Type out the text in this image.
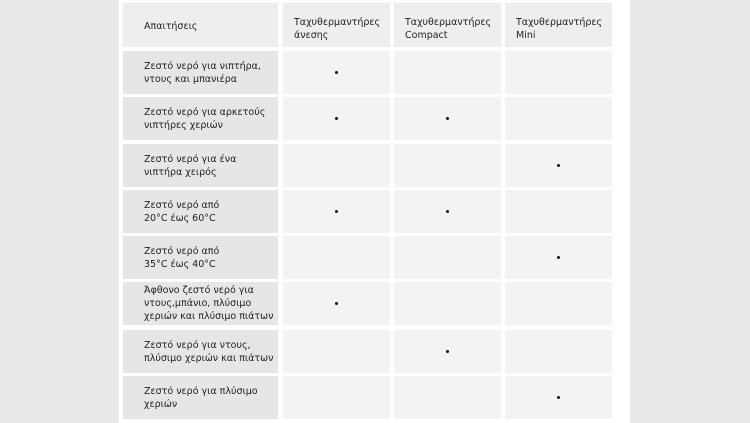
Απαιτήσεις	Ταχυθερμαντήρες
άνεσης
Ταχυθερμαντήρες
Compact
Ταχυθερμαντήρες
Mini
Ζεστό νερό για νιπτήρα,
ντους και μπανιέρα
Ζεστό νερό για αρκετούς
νιπτήρες χεριών
Ζεστό νερό για ένα
νιπτήρα χειρός
Ζεστό νερό από
20°C έως 60°C
Ζεστό νερό από
35°C έως 40°C
Άφθονο ζεστό νερό για
ντους,μπάνιο, πλύσιμο
χεριών και πλύσιμο πιάτων
Ζεστό νερό για ντους,
πλύσιμο χεριών και πιάτων
Ζεστό νερό για πλύσιμο
χεριών
